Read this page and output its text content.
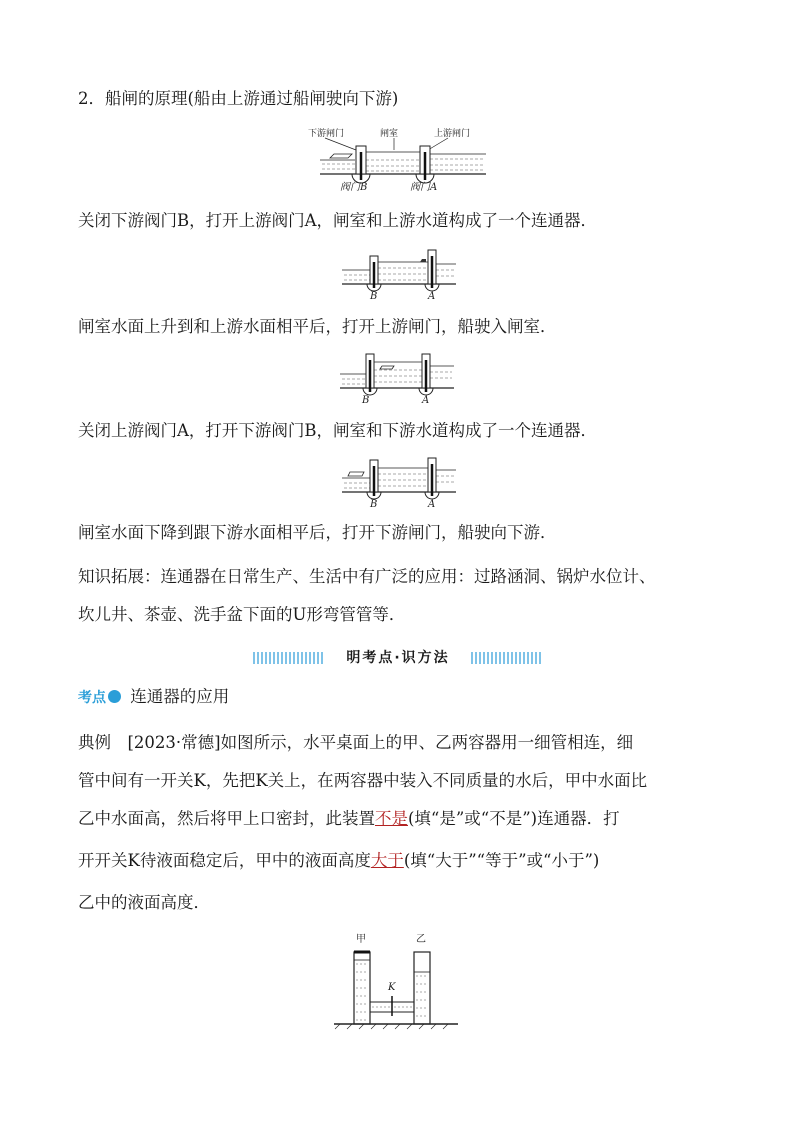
2．船闸的原理(船由上游通过船闸驶向下游)
下游闸门	闸室	上游闸门
阀门B	阀门A
关闭下游阀门B，打开上游阀门A，闸室和上游水道构成了一个连通器．
B	A
闸室水面上升到和上游水面相平后，打开上游闸门，船驶入闸室．
B	A
关闭上游阀门A，打开下游阀门B，闸室和下游水道构成了一个连通器．
B	A
闸室水面下降到跟下游水面相平后，打开下游闸门，船驶向下游．
知识拓展：连通器在日常生产、生活中有广泛的应用：过路涵洞、锅炉水位计、
坎儿井、茶壶、洗手盆下面的U形弯管管等．
明考点·识方法
考点 连通器的应用
典例　[2023·常德]如图所示，水平桌面上的甲、乙两容器用一细管相连，细
管中间有一开关K，先把K关上，在两容器中装入不同质量的水后，甲中水面比
乙中水面高，然后将甲上口密封，此装置不是(填“是”或“不是”)连通器．打
开开关K待液面稳定后，甲中的液面高度大于(填“大于”“等于”或“小于”)
乙中的液面高度．
甲	乙
K
